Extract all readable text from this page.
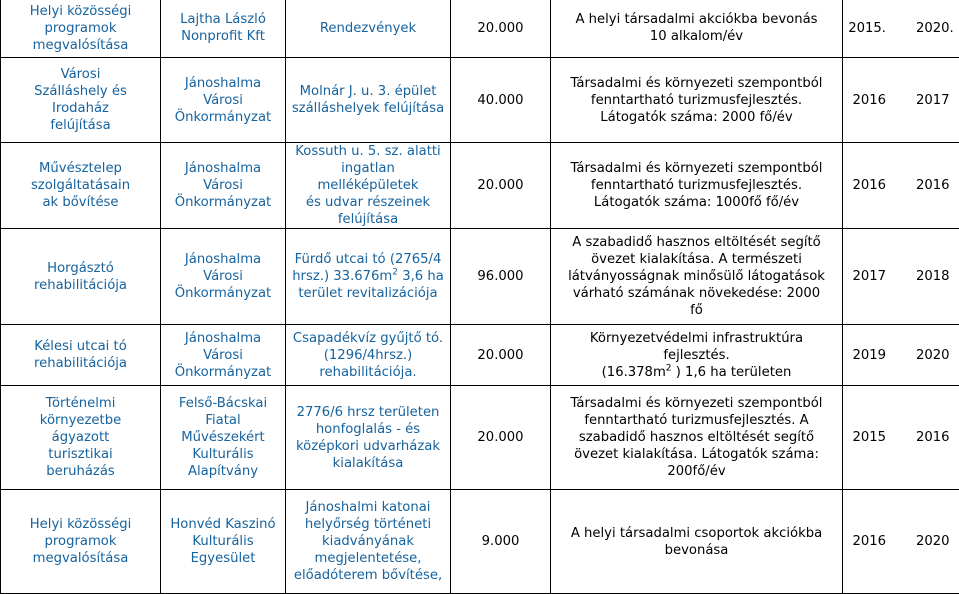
Helyi közösségi
programok
megvalósítása	Lajtha László
Nonprofit Kft	Rendezvények	20.000	A helyi társadalmi akciókba bevonás
10 alkalom/év	2015. 2020.

Városi
Szálláshely és
Irodaház
felújítása	Jánoshalma
Városi
Önkormányzat	Molnár J. u. 3. épület
szálláshelyek felújítása	40.000	Társadalmi és környezeti szempontból
fenntartható turizmusfejlesztés.
Látogatók száma: 2000 fő/év	2016 2017

Művésztelep
szolgáltatásain
ak bővítése	Jánoshalma
Városi
Önkormányzat	Kossuth u. 5. sz. alatti
ingatlan melléképületek
és udvar részeinek
felújítása	20.000	Társadalmi és környezeti szempontból
fenntartható turizmusfejlesztés.
Látogatók száma: 1000fő fő/év	2016 2016

Horgásztó
rehabilitációja	Jánoshalma
Városi
Önkormányzat	Fürdő utcai tó (2765/4
hrsz.) $33.676m^2$ 3,6 ha
terület revitalizációja	96.000	A szabadidő hasznos eltöltését segítő
övezet kialakítása. A természeti
látványosságnak minősülő látogatások
várható számának növekedése: 2000
fő	2017 2018

Kélesi utcai tó
rehabilitációja	Jánoshalma
Városi
Önkormányzat	Csapadékvíz gyűjtő tó.
(1296/4hrsz.)
rehabilitációja.	20.000	Környezetvédelmi infrastruktúra
fejlesztés.
($16.378m^2$ ) 1,6 ha területen	2019 2020

Történelmi
környezetbe
ágyazott
turisztikai
beruházás	Felső-Bácskai
Fiatal
Művészekért
Kulturális
Alapítvány	2776/6 hrsz területen
honfoglalás - és
középkori udvarházak
kialakítása	20.000	Társadalmi és környezeti szempontból
fenntartható turizmusfejlesztés. A
szabadidő hasznos eltöltését segítő
övezet kialakítása. Látogatók száma:
200fő/év	2015 2016

Helyi közösségi
programok
megvalósítása	Honvéd Kaszinó
Kulturális
Egyesület	Jánoshalmi katonai
helyőrség történeti
kiadványának
megjelentetése,
előadóterem bővítése,	9.000	A helyi társadalmi csoportok akciókba
bevonása	2016 2020
